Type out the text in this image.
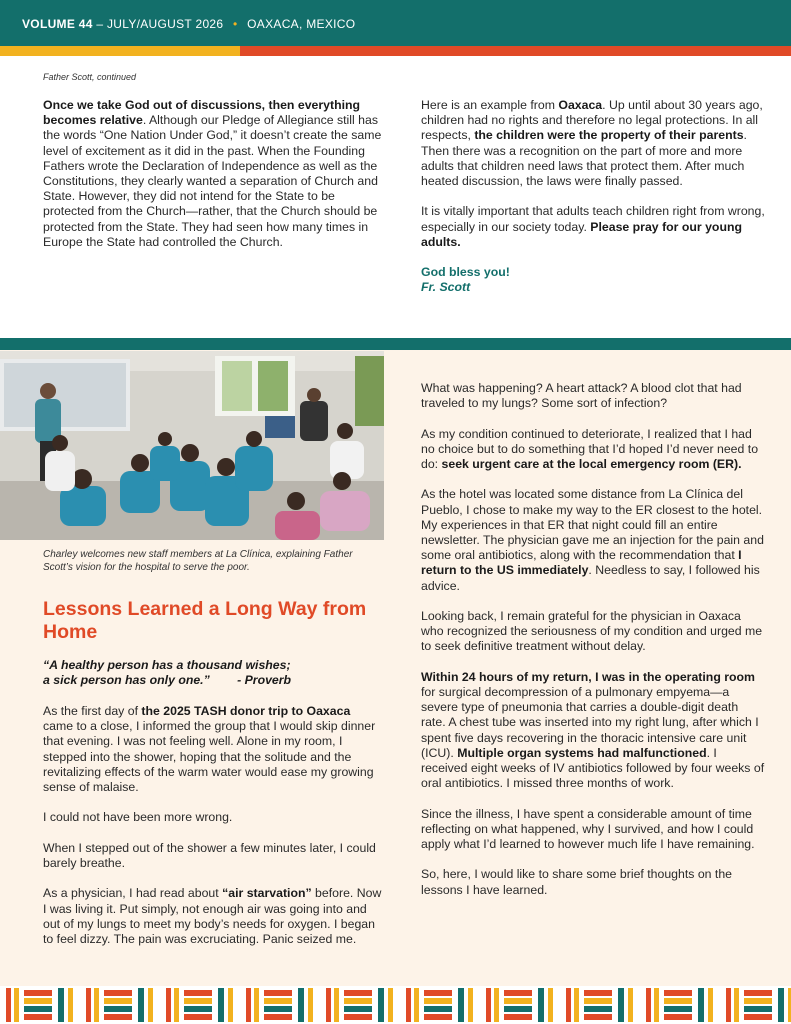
VOLUME 44 – JULY/AUGUST 2026 • OAXACA, MEXICO
Father Scott, continued

Once we take God out of discussions, then everything becomes relative. Although our Pledge of Allegiance still has the words “One Nation Under God,” it doesn’t create the same level of excitement as it did in the past. When the Founding Fathers wrote the Declaration of Independence as well as the Constitutions, they clearly wanted a separation of Church and State. However, they did not intend for the State to be protected from the Church—rather, that the Church should be protected from the State. They had seen how many times in Europe the State had controlled the Church.

Here is an example from Oaxaca. Up until about 30 years ago, children had no rights and therefore no legal protections. In all respects, the children were the property of their parents. Then there was a recognition on the part of more and more adults that children need laws that protect them. After much heated discussion, the laws were finally passed.

It is vitally important that adults teach children right from wrong, especially in our society today. Please pray for our young adults.

God bless you!
Fr. Scott
Charley welcomes new staff members at La Clínica, explaining Father Scott’s vision for the hospital to serve the poor.
Lessons Learned a Long Way from Home
“A healthy person has a thousand wishes;
a sick person has only one.”        - Proverb

As the first day of the 2025 TASH donor trip to Oaxaca came to a close, I informed the group that I would skip dinner that evening. I was not feeling well. Alone in my room, I stepped into the shower, hoping that the solitude and the revitalizing effects of the warm water would ease my growing sense of malaise.

I could not have been more wrong.

When I stepped out of the shower a few minutes later, I could barely breathe.

As a physician, I had read about “air starvation” before. Now I was living it. Put simply, not enough air was going into and out of my lungs to meet my body’s needs for oxygen. I began to feel dizzy. The pain was excruciating. Panic seized me.

What was happening? A heart attack? A blood clot that had traveled to my lungs? Some sort of infection?

As my condition continued to deteriorate, I realized that I had no choice but to do something that I’d hoped I’d never need to do: seek urgent care at the local emergency room (ER).

As the hotel was located some distance from La Clínica del Pueblo, I chose to make my way to the ER closest to the hotel. My experiences in that ER that night could fill an entire newsletter. The physician gave me an injection for the pain and some oral antibiotics, along with the recommendation that I return to the US immediately. Needless to say, I followed his advice.

Looking back, I remain grateful for the physician in Oaxaca who recognized the seriousness of my condition and urged me to seek definitive treatment without delay.

Within 24 hours of my return, I was in the operating room for surgical decompression of a pulmonary empyema—a severe type of pneumonia that carries a double-digit death rate. A chest tube was inserted into my right lung, after which I spent five days recovering in the thoracic intensive care unit (ICU). Multiple organ systems had malfunctioned. I received eight weeks of IV antibiotics followed by four weeks of oral antibiotics. I missed three months of work.

Since the illness, I have spent a considerable amount of time reflecting on what happened, why I survived, and how I could apply what I’d learned to however much life I have remaining.

So, here, I would like to share some brief thoughts on the lessons I have learned.
